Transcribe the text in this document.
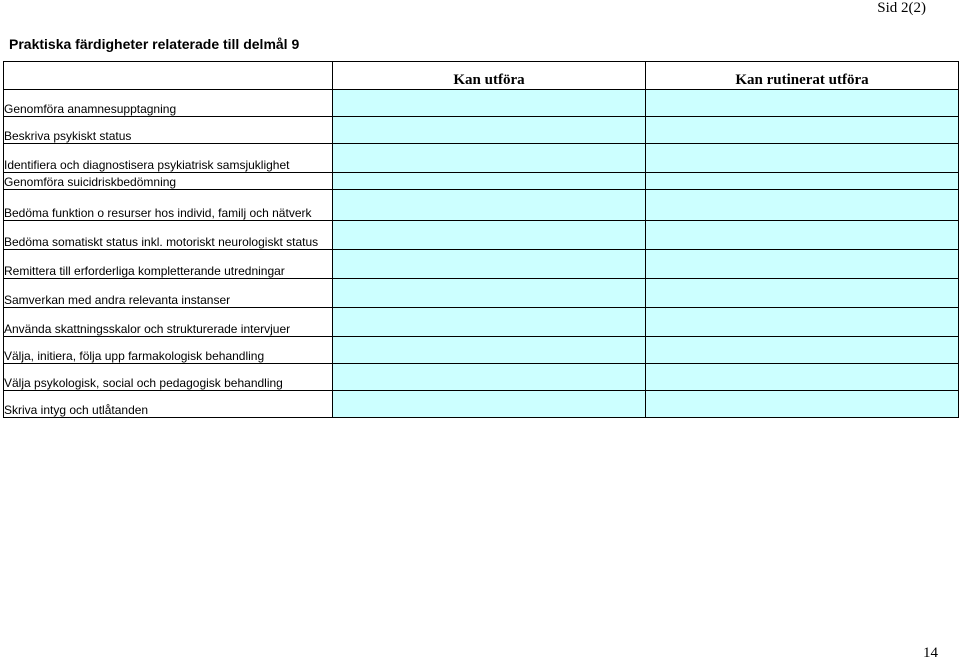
Sid 2(2)
Praktiska färdigheter relaterade till delmål 9
	Kan utföra	Kan rutinerat utföra
Genomföra anamnesupptagning		
Beskriva psykiskt status		
Identifiera och diagnostisera psykiatrisk samsjuklighet		
Genomföra suicidriskbedömning		
Bedöma funktion o resurser hos individ, familj och nätverk		
Bedöma somatiskt status inkl. motoriskt neurologiskt status		
Remittera till erforderliga kompletterande utredningar		
Samverkan med andra relevanta instanser		
Använda skattningsskalor och strukturerade intervjuer		
Välja, initiera, följa upp farmakologisk behandling		
Välja psykologisk, social och pedagogisk behandling		
Skriva intyg och utlåtanden		
14
